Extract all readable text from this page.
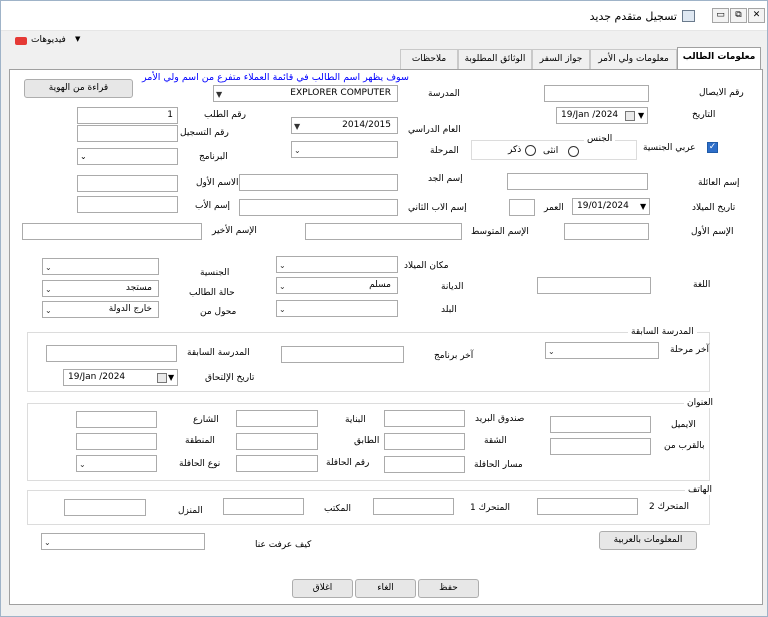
▭	⧉	✕
تسجيل متقدم جديد
فيديوهات ▼
ملاحظات	الوثائق المطلوبة	جواز السفر	معلومات ولي الأمر	معلومات الطالب
قراءة من الهوية
سوف يظهر اسم الطالب في قائمة العملاء متفرع من اسم ولي الأمر
رقم الايصال
▼	EXPLORER COMPUTER	المدرسة
1	رقم الطلب	19/Jan /2024 ▼	التاريخ
رقم التسجيل
▼	2014/2015 العام الدراسي
⌄	البرنامج
⌄	المرحلة
الجنس
انثى
ذكر	✓
عربي الجنسية
الاسم الأول	إسم الجد	إسم العائلة
إسم الأب	إسم الاب الثاني	العمر 19/01/2024 ▼	تاريخ الميلاد
الإسم الأخير	الإسم المتوسط	الإسم الأول
⌄
الجنسية
⌄	مستجد	حالة الطالب
⌄	خارج الدولة	محول من
⌄	مكان الميلاد
⌄	مسلم	الديانة
⌄	البلد
اللغة
المدرسة السابقة
⌄	آخر مرحلة
آخر برنامج
المدرسة السابقة
19/Jan /2024	▼	تاريخ الإلتحاق
العنوان
الشارع	البناية	صندوق البريد
الايميل
المنطقة	الطابق	الشقة	بالقرب من
⌄	نوع الحافلة	رقم الحافلة	مسار الحافلة
الهاتف
المنزل	المكتب	المتحرك 1	المتحرك 2
⌄	كيف عرفت عنا	المعلومات بالعربية
اغلاق	الغاء	حفظ
